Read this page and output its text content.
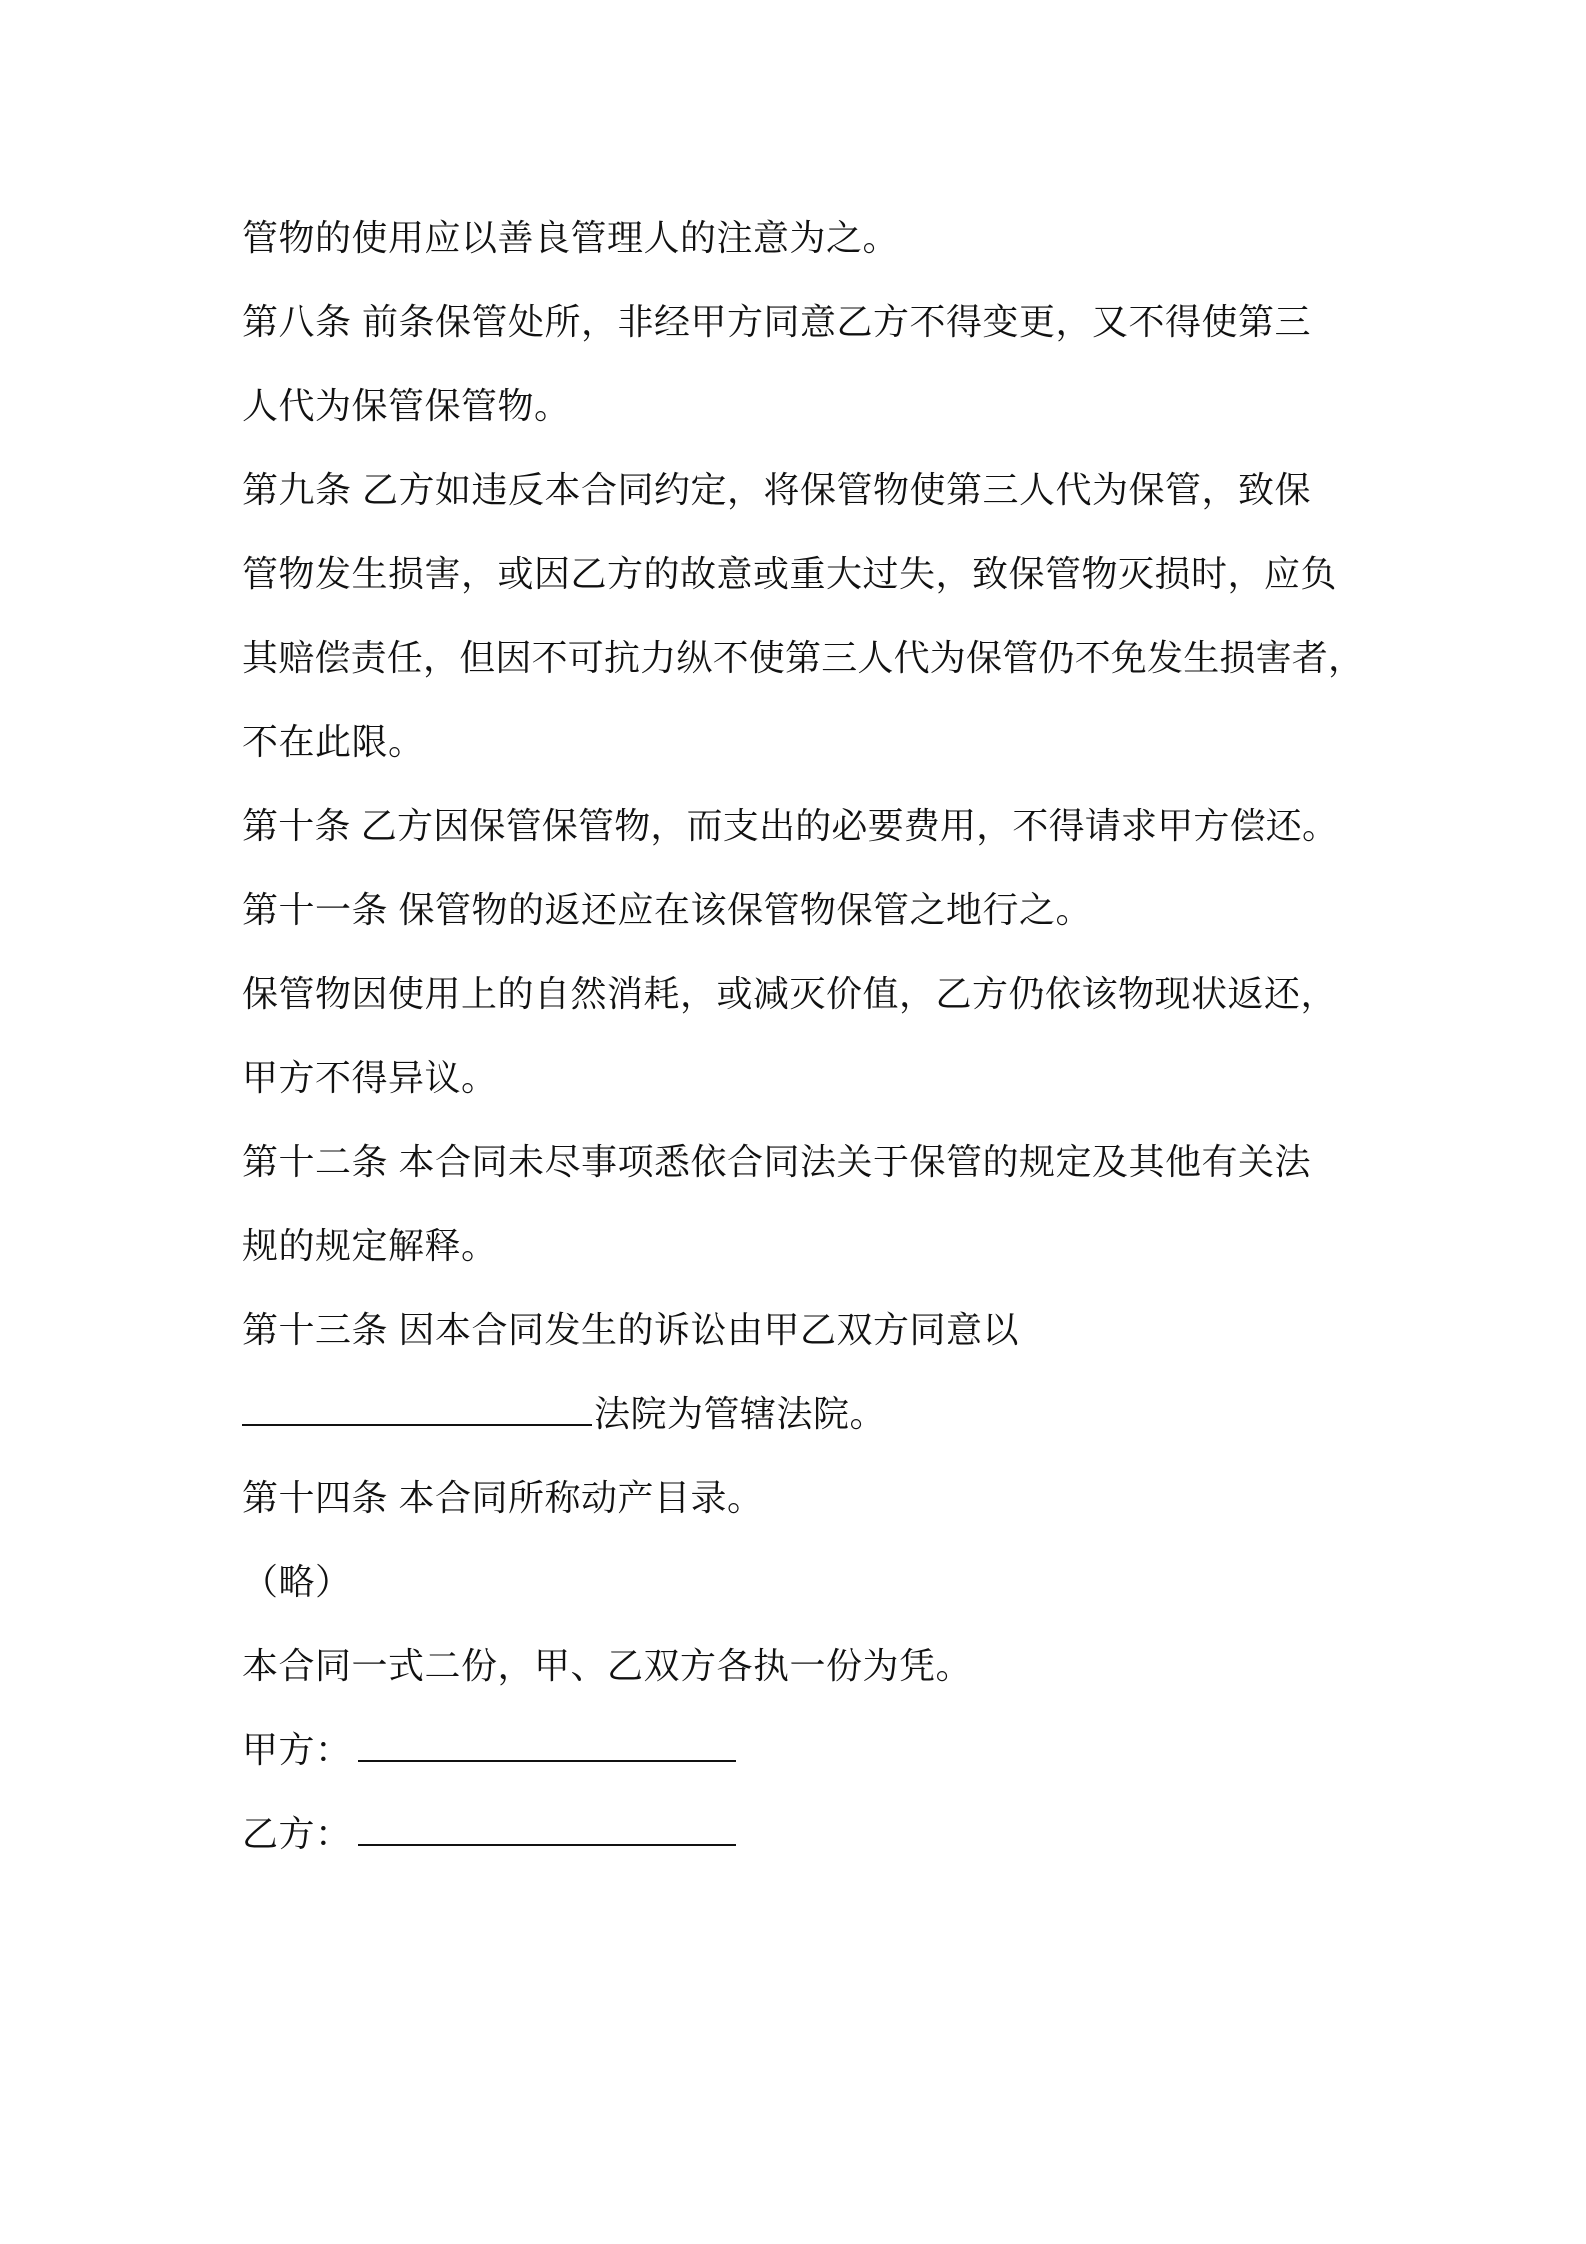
管物的使用应以善良管理人的注意为之。
第八条 前条保管处所，非经甲方同意乙方不得变更，又不得使第三
人代为保管保管物。
第九条 乙方如违反本合同约定，将保管物使第三人代为保管，致保
管物发生损害，或因乙方的故意或重大过失，致保管物灭损时，应负
其赔偿责任，但因不可抗力纵不使第三人代为保管仍不免发生损害者，
不在此限。
第十条 乙方因保管保管物，而支出的必要费用，不得请求甲方偿还。
第十一条 保管物的返还应在该保管物保管之地行之。
保管物因使用上的自然消耗，或减灭价值，乙方仍依该物现状返还，
甲方不得异议。
第十二条 本合同未尽事项悉依合同法关于保管的规定及其他有关法
规的规定解释。
第十三条 因本合同发生的诉讼由甲乙双方同意以
法院为管辖法院。
第十四条 本合同所称动产目录。
（略）
本合同一式二份，甲、乙双方各执一份为凭。
甲方：
乙方：
